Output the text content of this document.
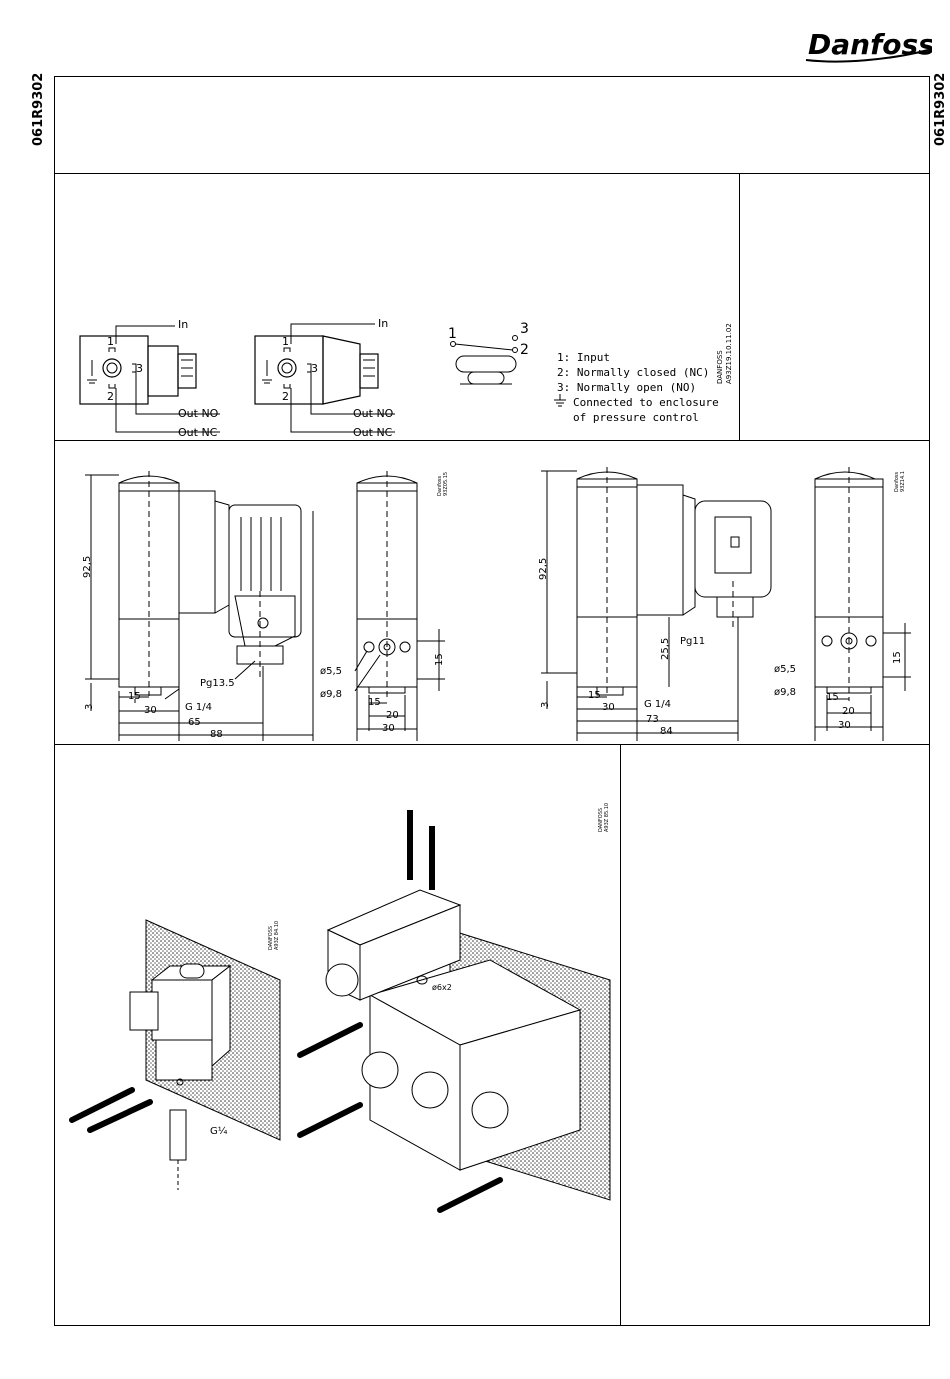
Danfoss
061R9302	061R9302
In
Out NO
Out NC
In
Out NO
Out NC
1
2
3
1
2
3
1	3
2	1: Input
2: Normally closed (NC)
3: Normally open (NO)
Connected to enclosure
of pressure control
DANFOSS A93Z19.10.11.02
92,5
3
15
30
65
88
G 1/4
Pg13.5
ø5,5
ø9,8
15
15
20
30
Danfoss 93Z05.15
92,5
3
25,5
15
30
73
84
G 1/4
Pg11
ø5,5
ø9,8
15
15
20
30
Danfoss 93Z14.1
G¼
ø6x2
DANFOSS A93Z 84.10
DANFOSS A93Z 85.10
